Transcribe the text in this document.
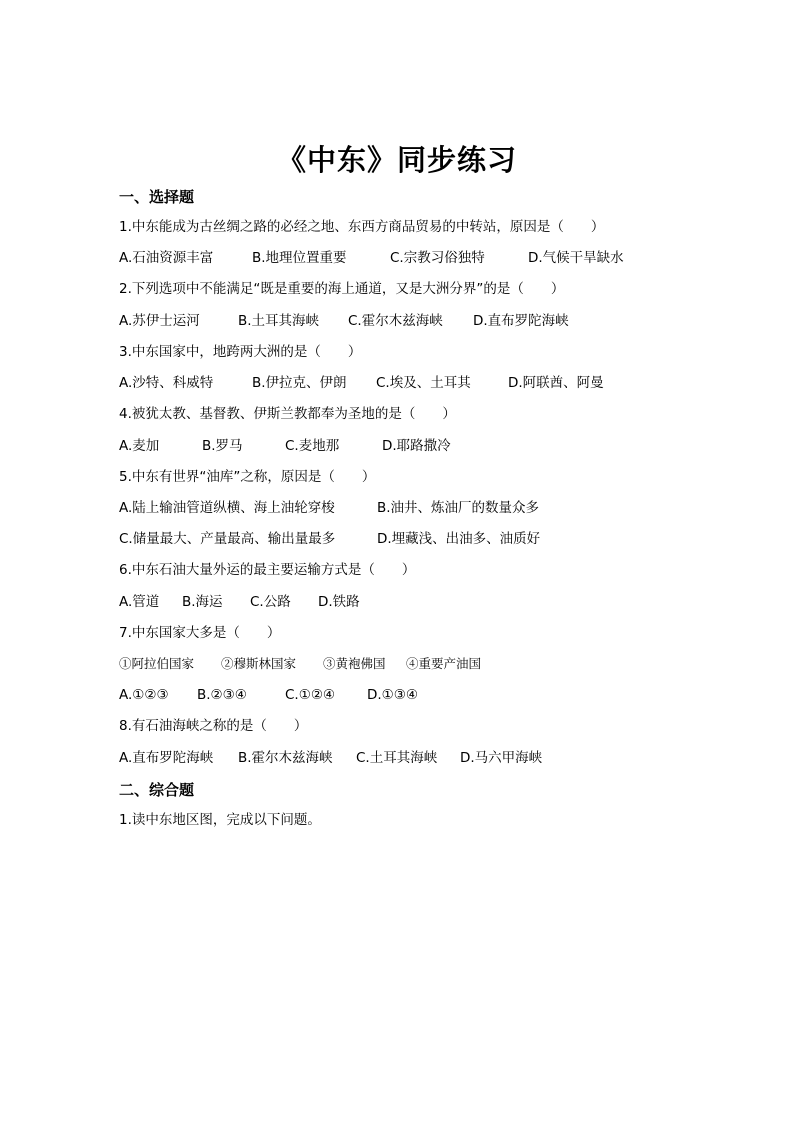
《中东》同步练习
一、选择题
1.中东能成为古丝绸之路的必经之地、东西方商品贸易的中转站，原因是（　　）
A.石油资源丰富	B.地理位置重要	C.宗教习俗独特	D.气候干旱缺水
2.下列选项中不能满足“既是重要的海上通道，又是大洲分界”的是（　　）
A.苏伊士运河	B.土耳其海峡 C.霍尔木兹海峡 D.直布罗陀海峡
3.中东国家中，地跨两大洲的是（　　）
A.沙特、科威特	B.伊拉克、伊朗 C.埃及、土耳其	D.阿联酋、阿曼
4.被犹太教、基督教、伊斯兰教都奉为圣地的是（　　）
A.麦加	B.罗马	C.麦地那	D.耶路撒冷
5.中东有世界“油库”之称，原因是（　　）
A.陆上输油管道纵横、海上油轮穿梭	B.油井、炼油厂的数量众多
C.储量最大、产量最高、输出量最多	D.埋藏浅、出油多、油质好
6.中东石油大量外运的最主要运输方式是（　　）
A.管道 B.海运 C.公路 D.铁路
7.中东国家大多是（　　）
①阿拉伯国家 ②穆斯林国家 ③黄袍佛国 ④重要产油国
A.①②③ B.②③④	C.①②④ D.①③④
8.有石油海峡之称的是（　　）
A.直布罗陀海峡 B.霍尔木兹海峡 C.土耳其海峡 D.马六甲海峡
二、综合题
1.读中东地区图，完成以下问题。
